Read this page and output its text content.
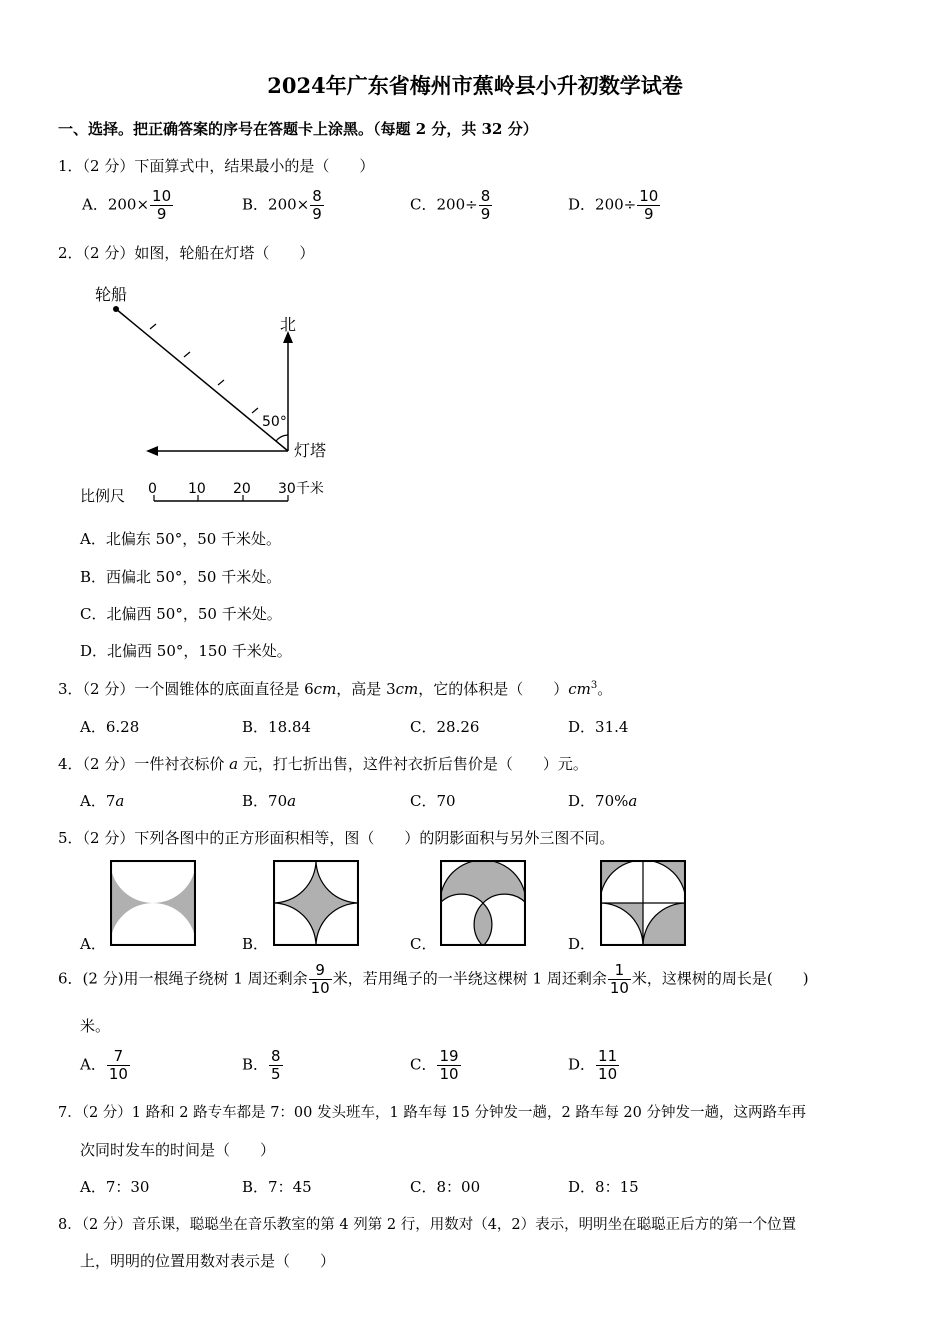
2024年广东省梅州市蕉岭县小升初数学试卷
一、选择。把正确答案的序号在答题卡上涂黑。（每题 2 分，共 32 分）
1．（2 分）下面算式中，结果最小的是（　　）
A．$200\times \frac{10}{9}$	B．$200\times \frac{8}{9}$	C．$200\div \frac{8}{9}$	D．$200\div \frac{10}{9}$
2．（2 分）如图，轮船在灯塔（　　）
轮船
北
50°
灯塔
比例尺 0 10 20 30千米
A．北偏东 50°，50 千米处。
B．西偏北 50°，50 千米处。
C．北偏西 50°，50 千米处。
D．北偏西 50°，150 千米处。
3．（2 分）一个圆锥体的底面直径是 6cm，高是 3cm，它的体积是（　　）$cm^3$。
A．6.28	B．18.84	C．28.26	D．31.4
4．（2 分）一件衬衣标价 a 元，打七折出售，这件衬衣折后售价是（　　）元。
A．7a	B．70a	C．70	D．70%a
5．（2 分）下列各图中的正方形面积相等，图（　　）的阴影面积与另外三图不同。
A．	B．	C．	D．
6．(2 分)用一根绳子绕树 1 周还剩余 $\frac{9}{10}$ 米，若用绳子的一半绕这棵树 1 周还剩余 $\frac{1}{10}$ 米，这棵树的周长是(　　)
米。
A． $\frac{7}{10}$	B． $\frac{8}{5}$	C． $\frac{19}{10}$	D． $\frac{11}{10}$
7．（2 分）1 路和 2 路专车都是 7：00 发头班车，1 路车每 15 分钟发一趟，2 路车每 20 分钟发一趟，这两路车再
次同时发车的时间是（　　）
A．7：30	B．7：45	C．8：00	D．8：15
8．（2 分）音乐课，聪聪坐在音乐教室的第 4 列第 2 行，用数对（4，2）表示，明明坐在聪聪正后方的第一个位置
上，明明的位置用数对表示是（　　）
